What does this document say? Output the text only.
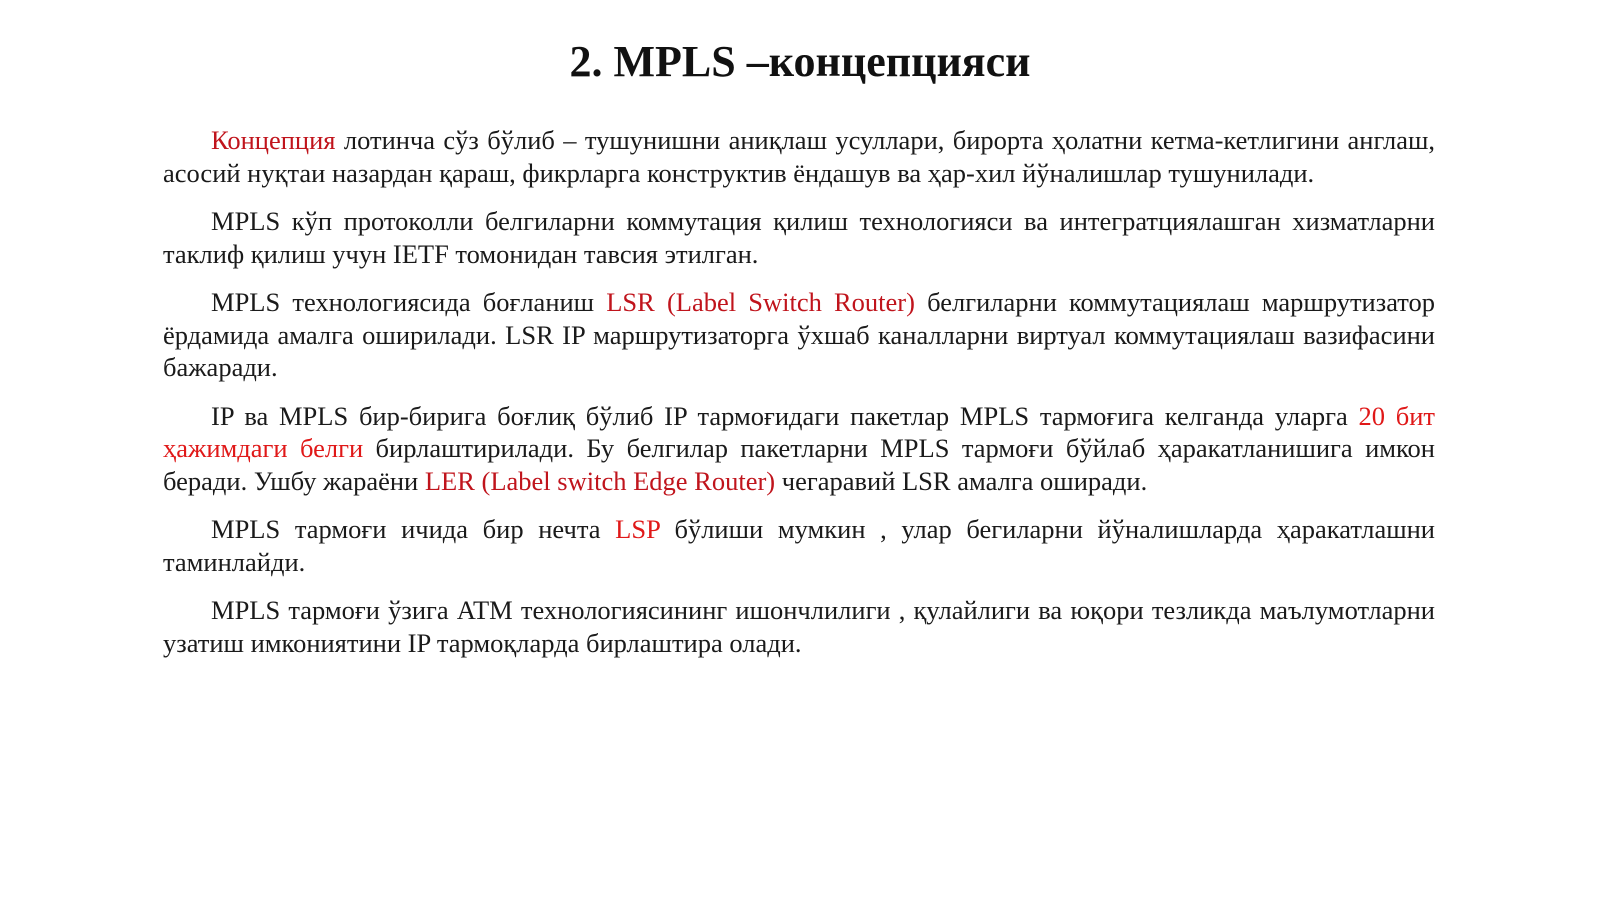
2. MPLS –концепцияси

Концепция лотинча сўз бўлиб – тушунишни аниқлаш усуллари, бирорта ҳолатни кетма-кетлигини англаш, асосий нуқтаи назардан қараш, фикрларга конструктив ёндашув ва ҳар-хил йўналишлар тушунилади.

MPLS кўп протоколли белгиларни коммутация қилиш технологияси ва интегратциялашган хизматларни таклиф қилиш учун IETF томонидан тавсия этилган.

MPLS технологиясида боғланиш LSR (Label Switch Router) белгиларни коммутациялаш маршрутизатор ёрдамида амалга оширилади. LSR IP маршрутизаторга ўхшаб каналларни виртуал коммутациялаш вазифасини бажаради.

IP ва MPLS бир-бирига боғлиқ бўлиб IP тармоғидаги пакетлар MPLS тармоғига келганда уларга 20 бит ҳажимдаги белги бирлаштирилади. Бу белгилар пакетларни MPLS тармоғи бўйлаб ҳаракатланишига имкон беради. Ушбу жараёни LER (Label switch Edge Router) чегаравий LSR амалга оширади.

MPLS тармоғи ичида бир нечта LSP бўлиши мумкин , улар бегиларни йўналишларда ҳаракатлашни таминлайди.

MPLS тармоғи ўзига ATM технологиясининг ишончлилиги , қулайлиги ва юқори тезликда маълумотларни узатиш имкониятини IP тармоқларда бирлаштира олади.
